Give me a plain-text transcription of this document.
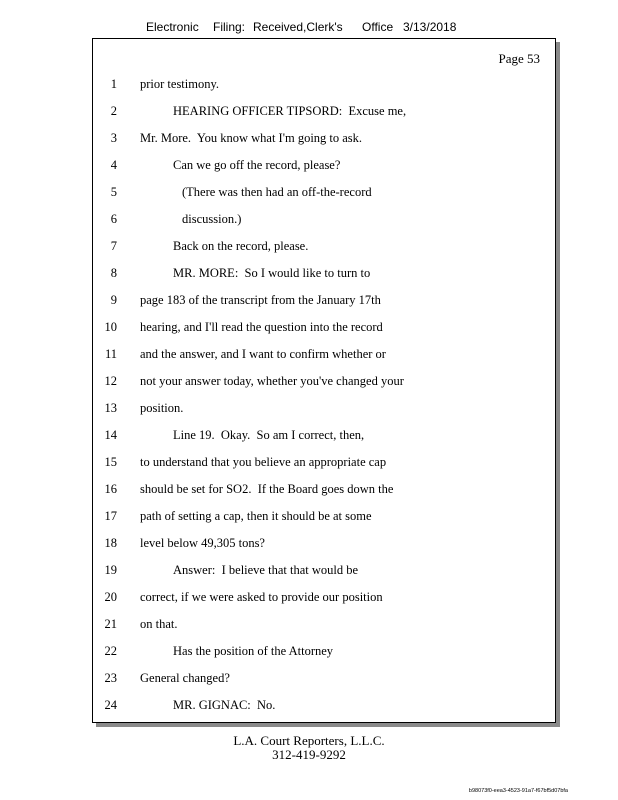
Electronic Filing: Received,Clerk's Office 3/13/2018
Page 53
1 prior testimony.
2	HEARING OFFICER TIPSORD:  Excuse me,
3 Mr. More.  You know what I'm going to ask.
4	Can we go off the record, please?
5	(There was then had an off-the-record
6	discussion.)
7	Back on the record, please.
8	MR. MORE:  So I would like to turn to
9 page 183 of the transcript from the January 17th
10 hearing, and I'll read the question into the record
11 and the answer, and I want to confirm whether or
12 not your answer today, whether you've changed your
13 position.
14	Line 19.  Okay.  So am I correct, then,
15 to understand that you believe an appropriate cap
16 should be set for SO2.  If the Board goes down the
17 path of setting a cap, then it should be at some
18 level below 49,305 tons?
19	Answer:  I believe that that would be
20 correct, if we were asked to provide our position
21 on that.
22	Has the position of the Attorney
23 General changed?
24	MR. GIGNAC:  No.
L.A. Court Reporters, L.L.C.
312-419-9292
b98073f0-eea3-4523-91a7-f67bf5d07bfa
